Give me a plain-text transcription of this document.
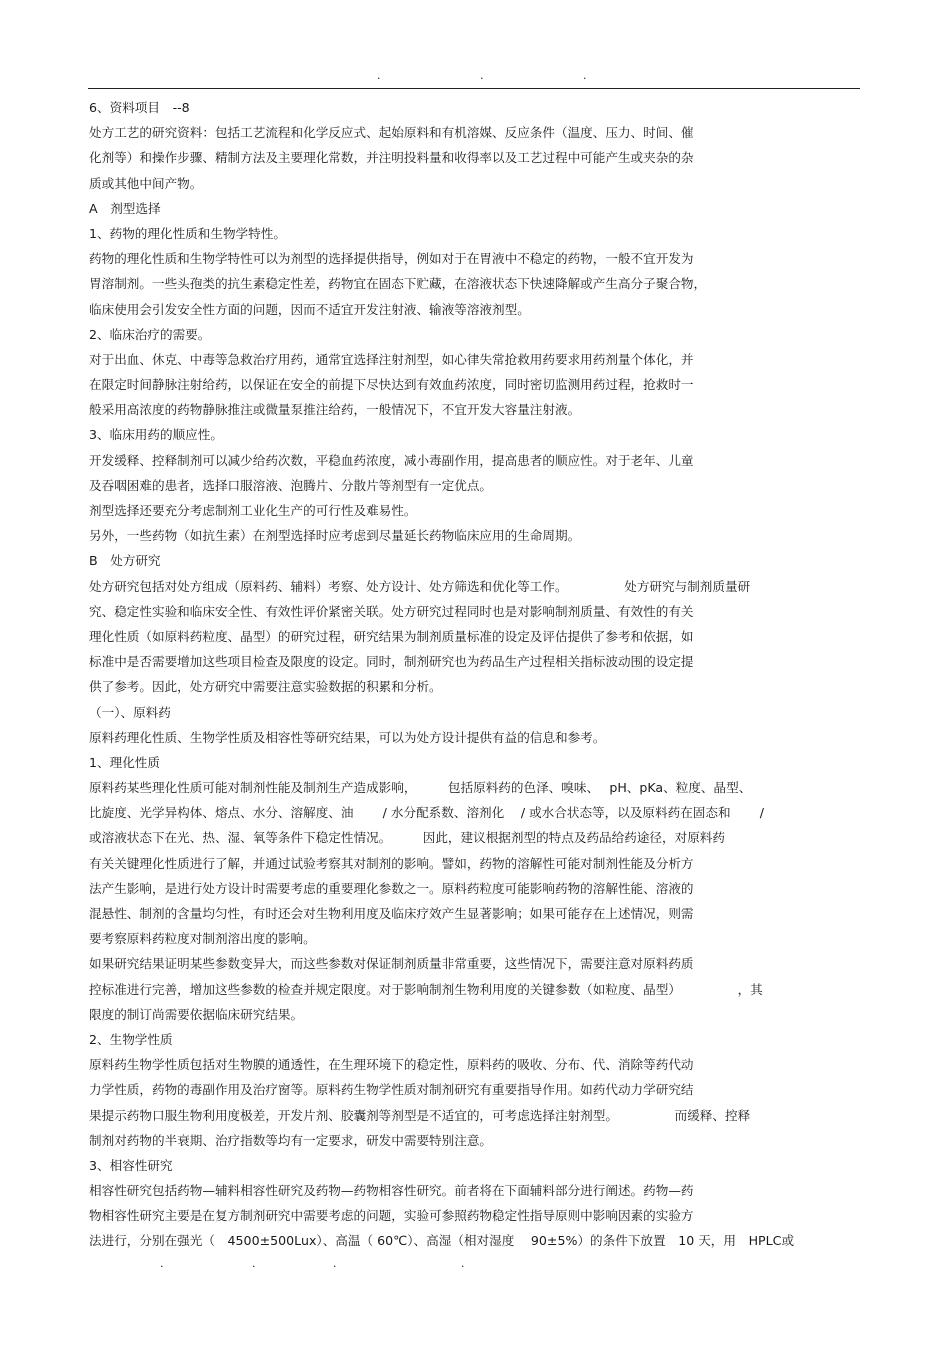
.	.	.
6、资料项目　--8
处方工艺的研究资料：包括工艺流程和化学反应式、起始原料和有机溶媒、反应条件（温度、压力、时间、催
化剂等）和操作步骤、精制方法及主要理化常数，并注明投料量和收得率以及工艺过程中可能产生或夹杂的杂
质或其他中间产物。
A　剂型选择
1、药物的理化性质和生物学特性。
药物的理化性质和生物学特性可以为剂型的选择提供指导，例如对于在胃液中不稳定的药物，一般不宜开发为
胃溶制剂。一些头孢类的抗生素稳定性差，药物宜在固态下贮藏，在溶液状态下快速降解或产生高分子聚合物，
临床使用会引发安全性方面的问题，因而不适宜开发注射液、输液等溶液剂型。
2、临床治疗的需要。
对于出血、休克、中毒等急救治疗用药，通常宜选择注射剂型，如心律失常抢救用药要求用药剂量个体化，并
在限定时间静脉注射给药，以保证在安全的前提下尽快达到有效血药浓度，同时密切监测用药过程，抢救时一
般采用高浓度的药物静脉推注或微量泵推注给药，一般情况下，不宜开发大容量注射液。
3、临床用药的顺应性。
开发缓释、控释制剂可以减少给药次数，平稳血药浓度，减小毒副作用，提高患者的顺应性。对于老年、儿童
及吞咽困难的患者，选择口服溶液、泡腾片、分散片等剂型有一定优点。
剂型选择还要充分考虑制剂工业化生产的可行性及难易性。
另外，一些药物（如抗生素）在剂型选择时应考虑到尽量延长药物临床应用的生命周期。
B　处方研究
处方研究包括对处方组成（原料药、辅料）考察、处方设计、处方筛选和优化等工作。　　　　　处方研究与制剂质量研
究、稳定性实验和临床安全性、有效性评价紧密关联。处方研究过程同时也是对影响制剂质量、有效性的有关
理化性质（如原料药粒度、晶型）的研究过程，研究结果为制剂质量标准的设定及评估提供了参考和依据，如
标准中是否需要增加这些项目检查及限度的设定。同时，制剂研究也为药品生产过程相关指标波动围的设定提
供了参考。因此，处方研究中需要注意实验数据的积累和分析。
（一）、原料药
原料药理化性质、生物学性质及相容性等研究结果，可以为处方设计提供有益的信息和参考。
1、理化性质
原料药某些理化性质可能对制剂性能及制剂生产造成影响，　　　包括原料药的色泽、嗅味、　 pH、pKa、粒度、晶型、
比旋度、光学异构体、熔点、水分、溶解度、油　　 / 水分配系数、溶剂化　 / 或水合状态等，以及原料药在固态和　　 /
或溶液状态下在光、热、湿、氧等条件下稳定性情况。　　　因此，建议根据剂型的特点及药品给药途径，对原料药
有关关键理化性质进行了解，并通过试验考察其对制剂的影响。譬如，药物的溶解性可能对制剂性能及分析方
法产生影响，是进行处方设计时需要考虑的重要理化参数之一。原料药粒度可能影响药物的溶解性能、溶液的
混悬性、制剂的含量均匀性，有时还会对生物利用度及临床疗效产生显著影响；如果可能存在上述情况，则需
要考察原料药粒度对制剂溶出度的影响。
如果研究结果证明某些参数变异大，而这些参数对保证制剂质量非常重要，这些情况下，需要注意对原料药质
控标准进行完善，增加这些参数的检查并规定限度。对于影响制剂生物利用度的关键参数（如粒度、晶型）　　　　　，其
限度的制订尚需要依据临床研究结果。
2、生物学性质
原料药生物学性质包括对生物膜的通透性，在生理环境下的稳定性，原料药的吸收、分布、代、消除等药代动
力学性质，药物的毒副作用及治疗窗等。原料药生物学性质对制剂研究有重要指导作用。如药代动力学研究结
果提示药物口服生物利用度极差，开发片剂、胶囊剂等剂型是不适宜的，可考虑选择注射剂型。　　　　　而缓释、控释
制剂对药物的半衰期、治疗指数等均有一定要求，研发中需要特别注意。
3、相容性研究
相容性研究包括药物—辅料相容性研究及药物—药物相容性研究。前者将在下面辅料部分进行阐述。药物—药
物相容性研究主要是在复方制剂研究中需要考虑的问题，实验可参照药物稳定性指导原则中影响因素的实验方
法进行，分别在强光（　4500±500Lux）、高温（ 60℃）、高湿（相对湿度　 90±5%）的条件下放置　10 天，用　HPLC或
.	.	.	.
